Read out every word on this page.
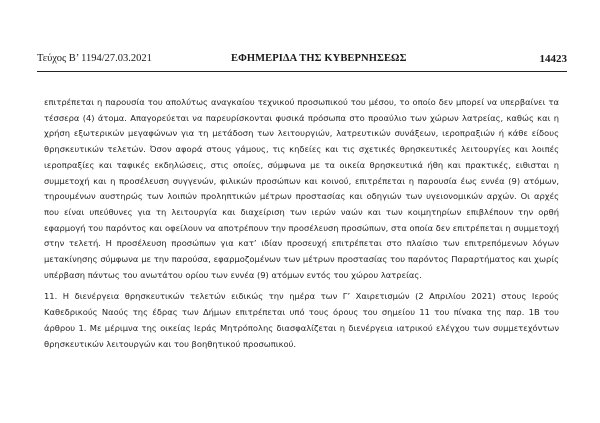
Τεύχος Β’ 1194/27.03.2021	ΕΦΗΜΕΡΙΔΑ ΤΗΣ ΚΥΒΕΡΝΗΣΕΩΣ	14423

επιτρέπεται η παρουσία του απολύτως αναγκαίου τεχνικού προσωπικού του μέσου, το οποίο δεν μπορεί να υπερβαίνει τα τέσσερα (4) άτομα. Απαγορεύεται να παρευρίσκονται φυσικά πρόσωπα στο προαύλιο των χώρων λατρείας, καθώς και η χρήση εξωτερικών μεγαφώνων για τη μετάδοση των λειτουργιών, λατρευτικών συνάξεων, ιεροπραξιών ή κάθε είδους θρησκευτικών τελετών. Όσον αφορά στους γάμους, τις κηδείες και τις σχετικές θρησκευτικές λειτουργίες και λοιπές ιεροπραξίες και ταφικές εκδηλώσεις, στις οποίες, σύμφωνα με τα οικεία θρησκευτικά ήθη και πρακτικές, ειθισται η συμμετοχή και η προσέλευση συγγενών, φιλικών προσώπων και κοινού, επιτρέπεται η παρουσία έως εννέα (9) ατόμων, τηρουμένων αυστηρώς των λοιπών προληπτικών μέτρων προστασίας και οδηγιών των υγειονομικών αρχών. Οι αρχές που είναι υπεύθυνες για τη λειτουργία και διαχείριση των ιερών ναών και των κοιμητηρίων επιβλέπουν την ορθή εφαρμογή του παρόντος και οφείλουν να αποτρέπουν την προσέλευση προσώπων, στα οποία δεν επιτρέπεται η συμμετοχή στην τελετή. Η προσέλευση προσώπων για κατ’ ιδίαν προσευχή επιτρέπεται στο πλαίσιο των επιτρεπόμενων λόγων μετακίνησης σύμφωνα με την παρούσα, εφαρμοζομένων των μέτρων προστασίας του παρόντος Παραρτήματος και χωρίς υπέρβαση πάντως του ανωτάτου ορίου των εννέα (9) ατόμων εντός του χώρου λατρείας.

11. Η διενέργεια θρησκευτικών τελετών ειδικώς την ημέρα των Γ’ Χαιρετισμών (2 Απριλίου 2021) στους Ιερούς Καθεδρικούς Ναούς της έδρας των Δήμων επιτρέπεται υπό τους όρους του σημείου 11 του πίνακα της παρ. 1Β του άρθρου 1. Με μέριμνα της οικείας Ιεράς Μητρόπολης διασφαλίζεται η διενέργεια ιατρικού ελέγχου των συμμετεχόντων θρησκευτικών λειτουργών και του βοηθητικού προσωπικού.
